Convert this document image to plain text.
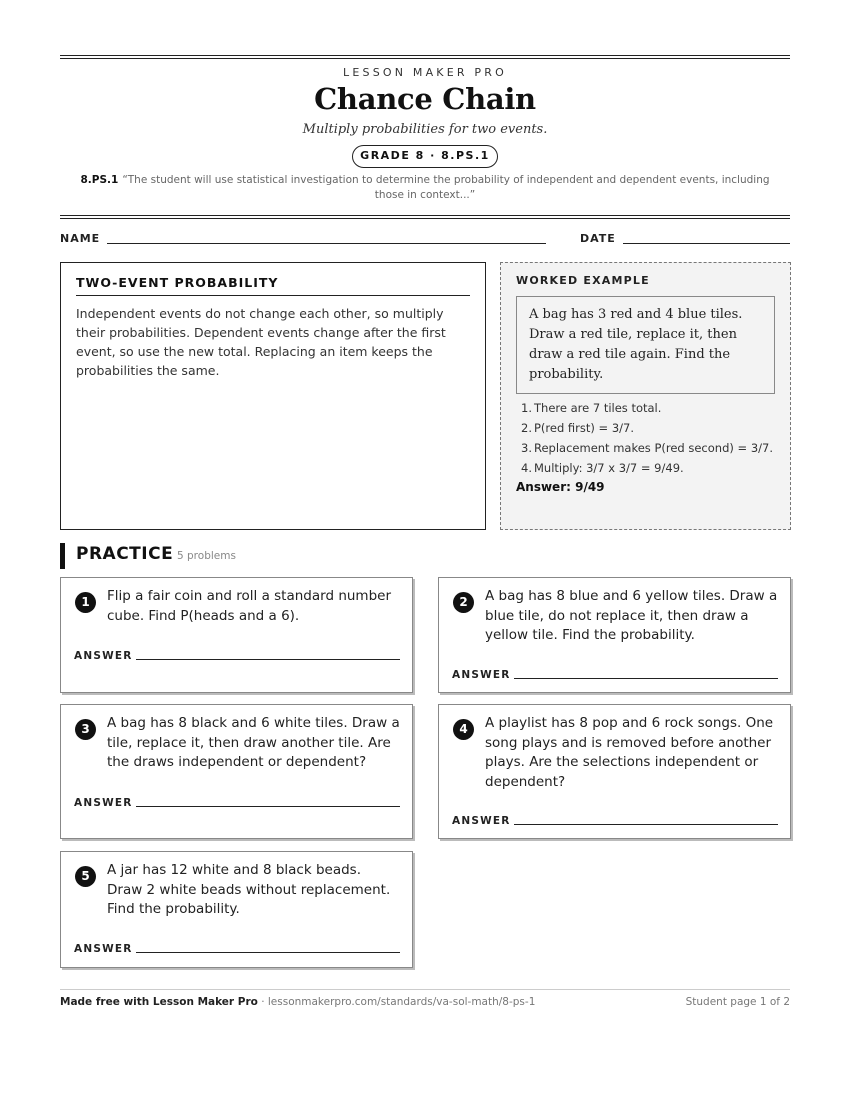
LESSON MAKER PRO
Chance Chain
Multiply probabilities for two events.
GRADE 8 · 8.PS.1
8.PS.1 “The student will use statistical investigation to determine the probability of independent and dependent events, including those in context...”
NAME	DATE
TWO-EVENT PROBABILITY
Independent events do not change each other, so multiply their probabilities. Dependent events change after the first event, so use the new total. Replacing an item keeps the probabilities the same.
WORKED EXAMPLE
A bag has 3 red and 4 blue tiles. Draw a red tile, replace it, then draw a red tile again. Find the probability.
1. There are 7 tiles total.
2. P(red first) = 3/7.
3. Replacement makes P(red second) = 3/7.
4. Multiply: 3/7 x 3/7 = 9/49.
Answer: 9/49
PRACTICE 5 problems
1	Flip a fair coin and roll a standard number cube. Find P(heads and a 6).
ANSWER
2	A bag has 8 blue and 6 yellow tiles. Draw a blue tile, do not replace it, then draw a yellow tile. Find the probability.
ANSWER
3	A bag has 8 black and 6 white tiles. Draw a tile, replace it, then draw another tile. Are the draws independent or dependent?
ANSWER
4	A playlist has 8 pop and 6 rock songs. One song plays and is removed before another plays. Are the selections independent or dependent?
ANSWER
5	A jar has 12 white and 8 black beads. Draw 2 white beads without replacement. Find the probability.
ANSWER
Made free with Lesson Maker Pro · lessonmakerpro.com/standards/va-sol-math/8-ps-1	Student page 1 of 2
